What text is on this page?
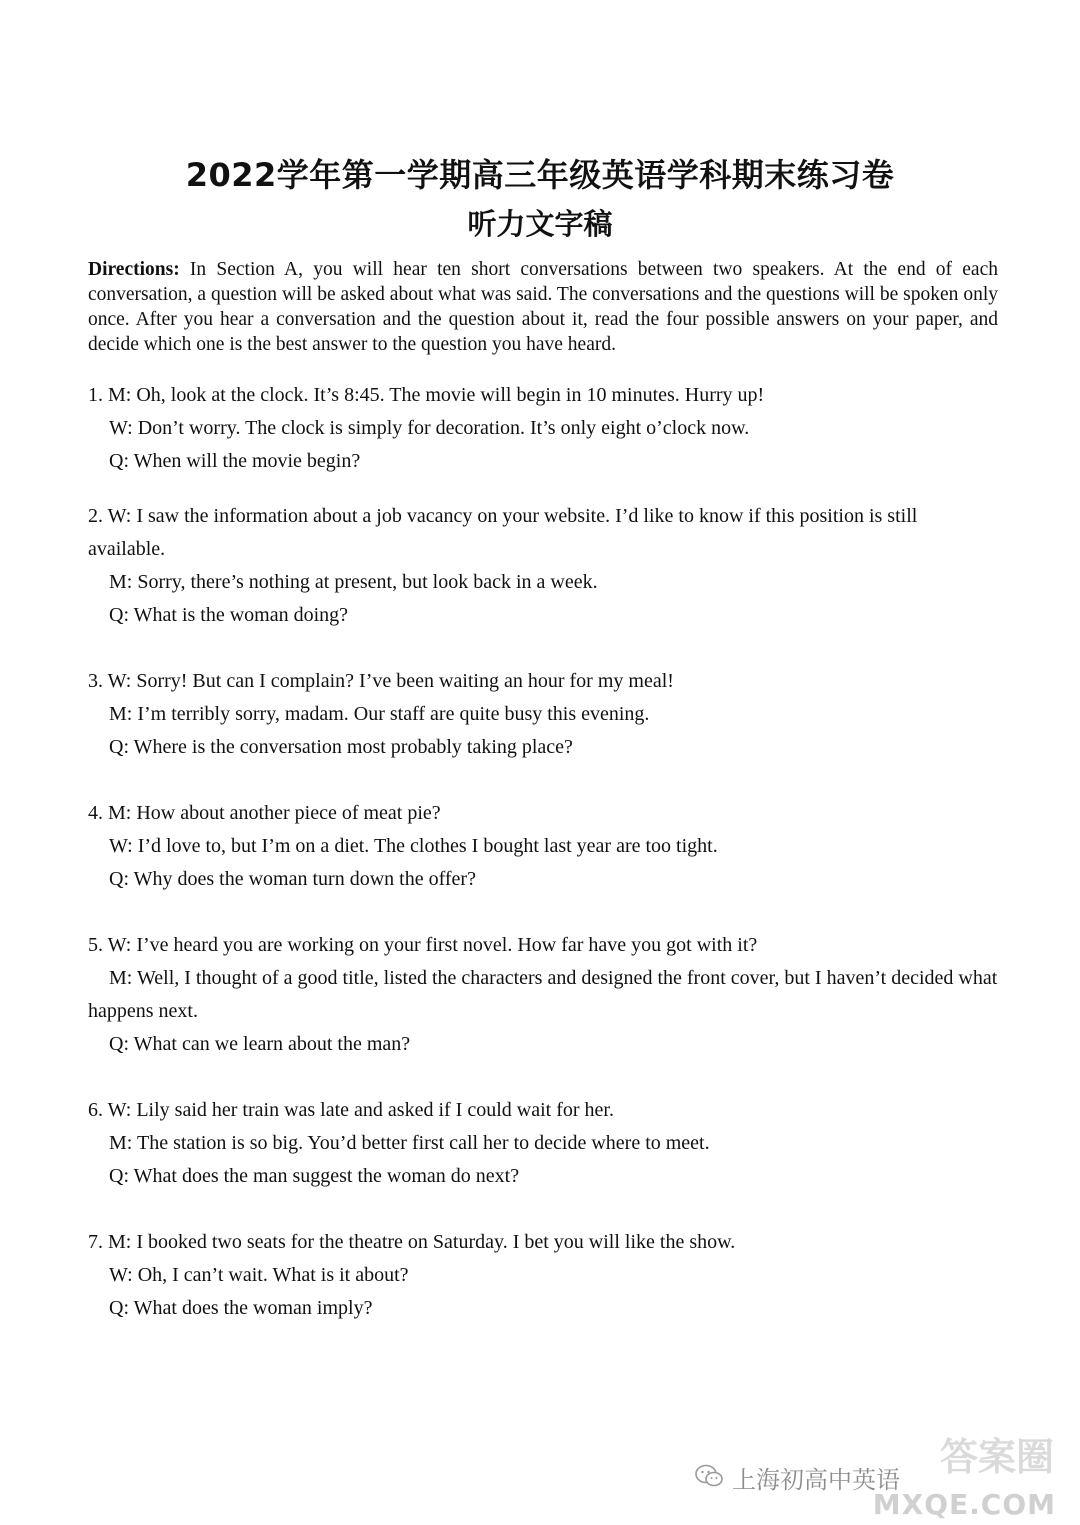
2022学年第一学期高三年级英语学科期末练习卷
听力文字稿
Directions: In Section A, you will hear ten short conversations between two speakers. At the end of each conversation, a question will be asked about what was said. The conversations and the questions will be spoken only once. After you hear a conversation and the question about it, read the four possible answers on your paper, and decide which one is the best answer to the question you have heard.
1. M: Oh, look at the clock. It’s 8:45. The movie will begin in 10 minutes. Hurry up!
W: Don’t worry. The clock is simply for decoration. It’s only eight o’clock now.
Q: When will the movie begin?
2. W: I saw the information about a job vacancy on your website. I’d like to know if this position is still available.
M: Sorry, there’s nothing at present, but look back in a week.
Q: What is the woman doing?
3. W: Sorry! But can I complain? I’ve been waiting an hour for my meal!
M: I’m terribly sorry, madam. Our staff are quite busy this evening.
Q: Where is the conversation most probably taking place?
4. M: How about another piece of meat pie?
W: I’d love to, but I’m on a diet. The clothes I bought last year are too tight.
Q: Why does the woman turn down the offer?
5. W: I’ve heard you are working on your first novel. How far have you got with it?
M: Well, I thought of a good title, listed the characters and designed the front cover, but I haven’t decided what happens next.
Q: What can we learn about the man?
6. W: Lily said her train was late and asked if I could wait for her.
M: The station is so big. You’d better first call her to decide where to meet.
Q: What does the man suggest the woman do next?
7. M: I booked two seats for the theatre on Saturday. I bet you will like the show.
W: Oh, I can’t wait. What is it about?
Q: What does the woman imply?
答案圈
上海初高中英语
MXQE.COM
